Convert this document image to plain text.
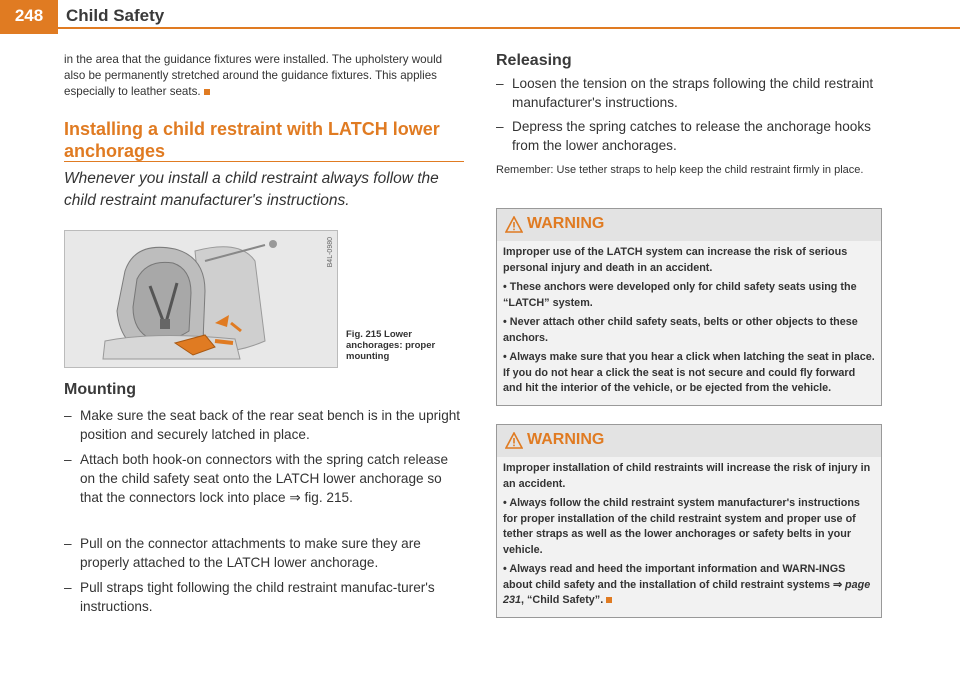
248	Child Safety

in the area that the guidance fixtures were installed. The upholstery would also be permanently stretched around the guidance fixtures. This applies especially to leather seats.

Installing a child restraint with LATCH lower anchorages

Whenever you install a child restraint always follow the child restraint manufacturer's instructions.

B4L-0980
Fig. 215 Lower anchorages: proper mounting
Mounting
– Make sure the seat back of the rear seat bench is in the upright position and securely latched in place.
– Attach both hook-on connectors with the spring catch release on the child safety seat onto the LATCH lower anchorage so that the connectors lock into place ⇒ fig. 215.
– Pull on the connector attachments to make sure they are properly attached to the LATCH lower anchorage.
– Pull straps tight following the child restraint manufac-turer's instructions.
Releasing
– Loosen the tension on the straps following the child restraint manufacturer's instructions.
– Depress the spring catches to release the anchorage hooks from the lower anchorages.

Remember: Use tether straps to help keep the child restraint firmly in place.

WARNING

Improper use of the LATCH system can increase the risk of serious personal injury and death in an accident.

• These anchors were developed only for child safety seats using the “LATCH” system.

• Never attach other child safety seats, belts or other objects to these anchors.

• Always make sure that you hear a click when latching the seat in place. If you do not hear a click the seat is not secure and could fly forward and hit the interior of the vehicle, or be ejected from the vehicle.

WARNING

Improper installation of child restraints will increase the risk of injury in an accident.

• Always follow the child restraint system manufacturer's instructions for proper installation of the child restraint system and proper use of tether straps as well as the lower anchorages or safety belts in your vehicle.

• Always read and heed the important information and WARN-INGS about child safety and the installation of child restraint systems ⇒ page 231, “Child Safety”.
